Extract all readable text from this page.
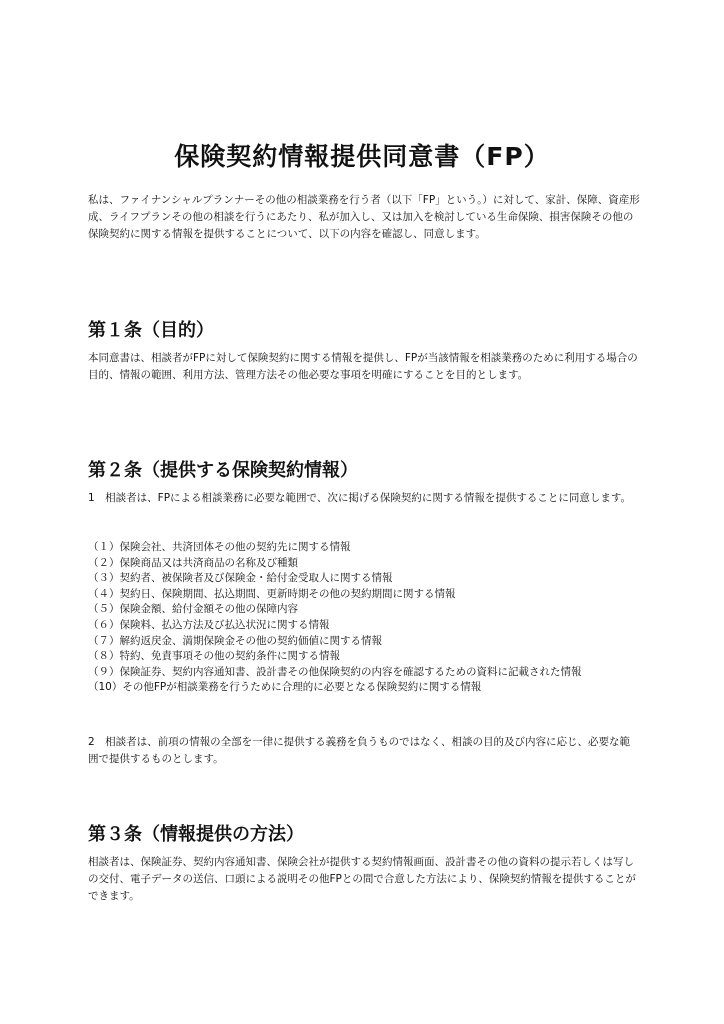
保険契約情報提供同意書（FP）

私は、ファイナンシャルプランナーその他の相談業務を行う者（以下「FP」という。）に対して、家計、保障、資産形成、ライフプランその他の相談を行うにあたり、私が加入し、又は加入を検討している生命保険、損害保険その他の保険契約に関する情報を提供することについて、以下の内容を確認し、同意します。

第１条（目的）

本同意書は、相談者がFPに対して保険契約に関する情報を提供し、FPが当該情報を相談業務のために利用する場合の目的、情報の範囲、利用方法、管理方法その他必要な事項を明確にすることを目的とします。

第２条（提供する保険契約情報）

1　相談者は、FPによる相談業務に必要な範囲で、次に掲げる保険契約に関する情報を提供することに同意します。

（１）保険会社、共済団体その他の契約先に関する情報
（２）保険商品又は共済商品の名称及び種類
（３）契約者、被保険者及び保険金・給付金受取人に関する情報
（４）契約日、保険期間、払込期間、更新時期その他の契約期間に関する情報
（５）保険金額、給付金額その他の保障内容
（６）保険料、払込方法及び払込状況に関する情報
（７）解約返戻金、満期保険金その他の契約価値に関する情報
（８）特約、免責事項その他の契約条件に関する情報
（９）保険証券、契約内容通知書、設計書その他保険契約の内容を確認するための資料に記載された情報
（10）その他FPが相談業務を行うために合理的に必要となる保険契約に関する情報

2　相談者は、前項の情報の全部を一律に提供する義務を負うものではなく、相談の目的及び内容に応じ、必要な範囲で提供するものとします。

第３条（情報提供の方法）

相談者は、保険証券、契約内容通知書、保険会社が提供する契約情報画面、設計書その他の資料の提示若しくは写しの交付、電子データの送信、口頭による説明その他FPとの間で合意した方法により、保険契約情報を提供することができます。
